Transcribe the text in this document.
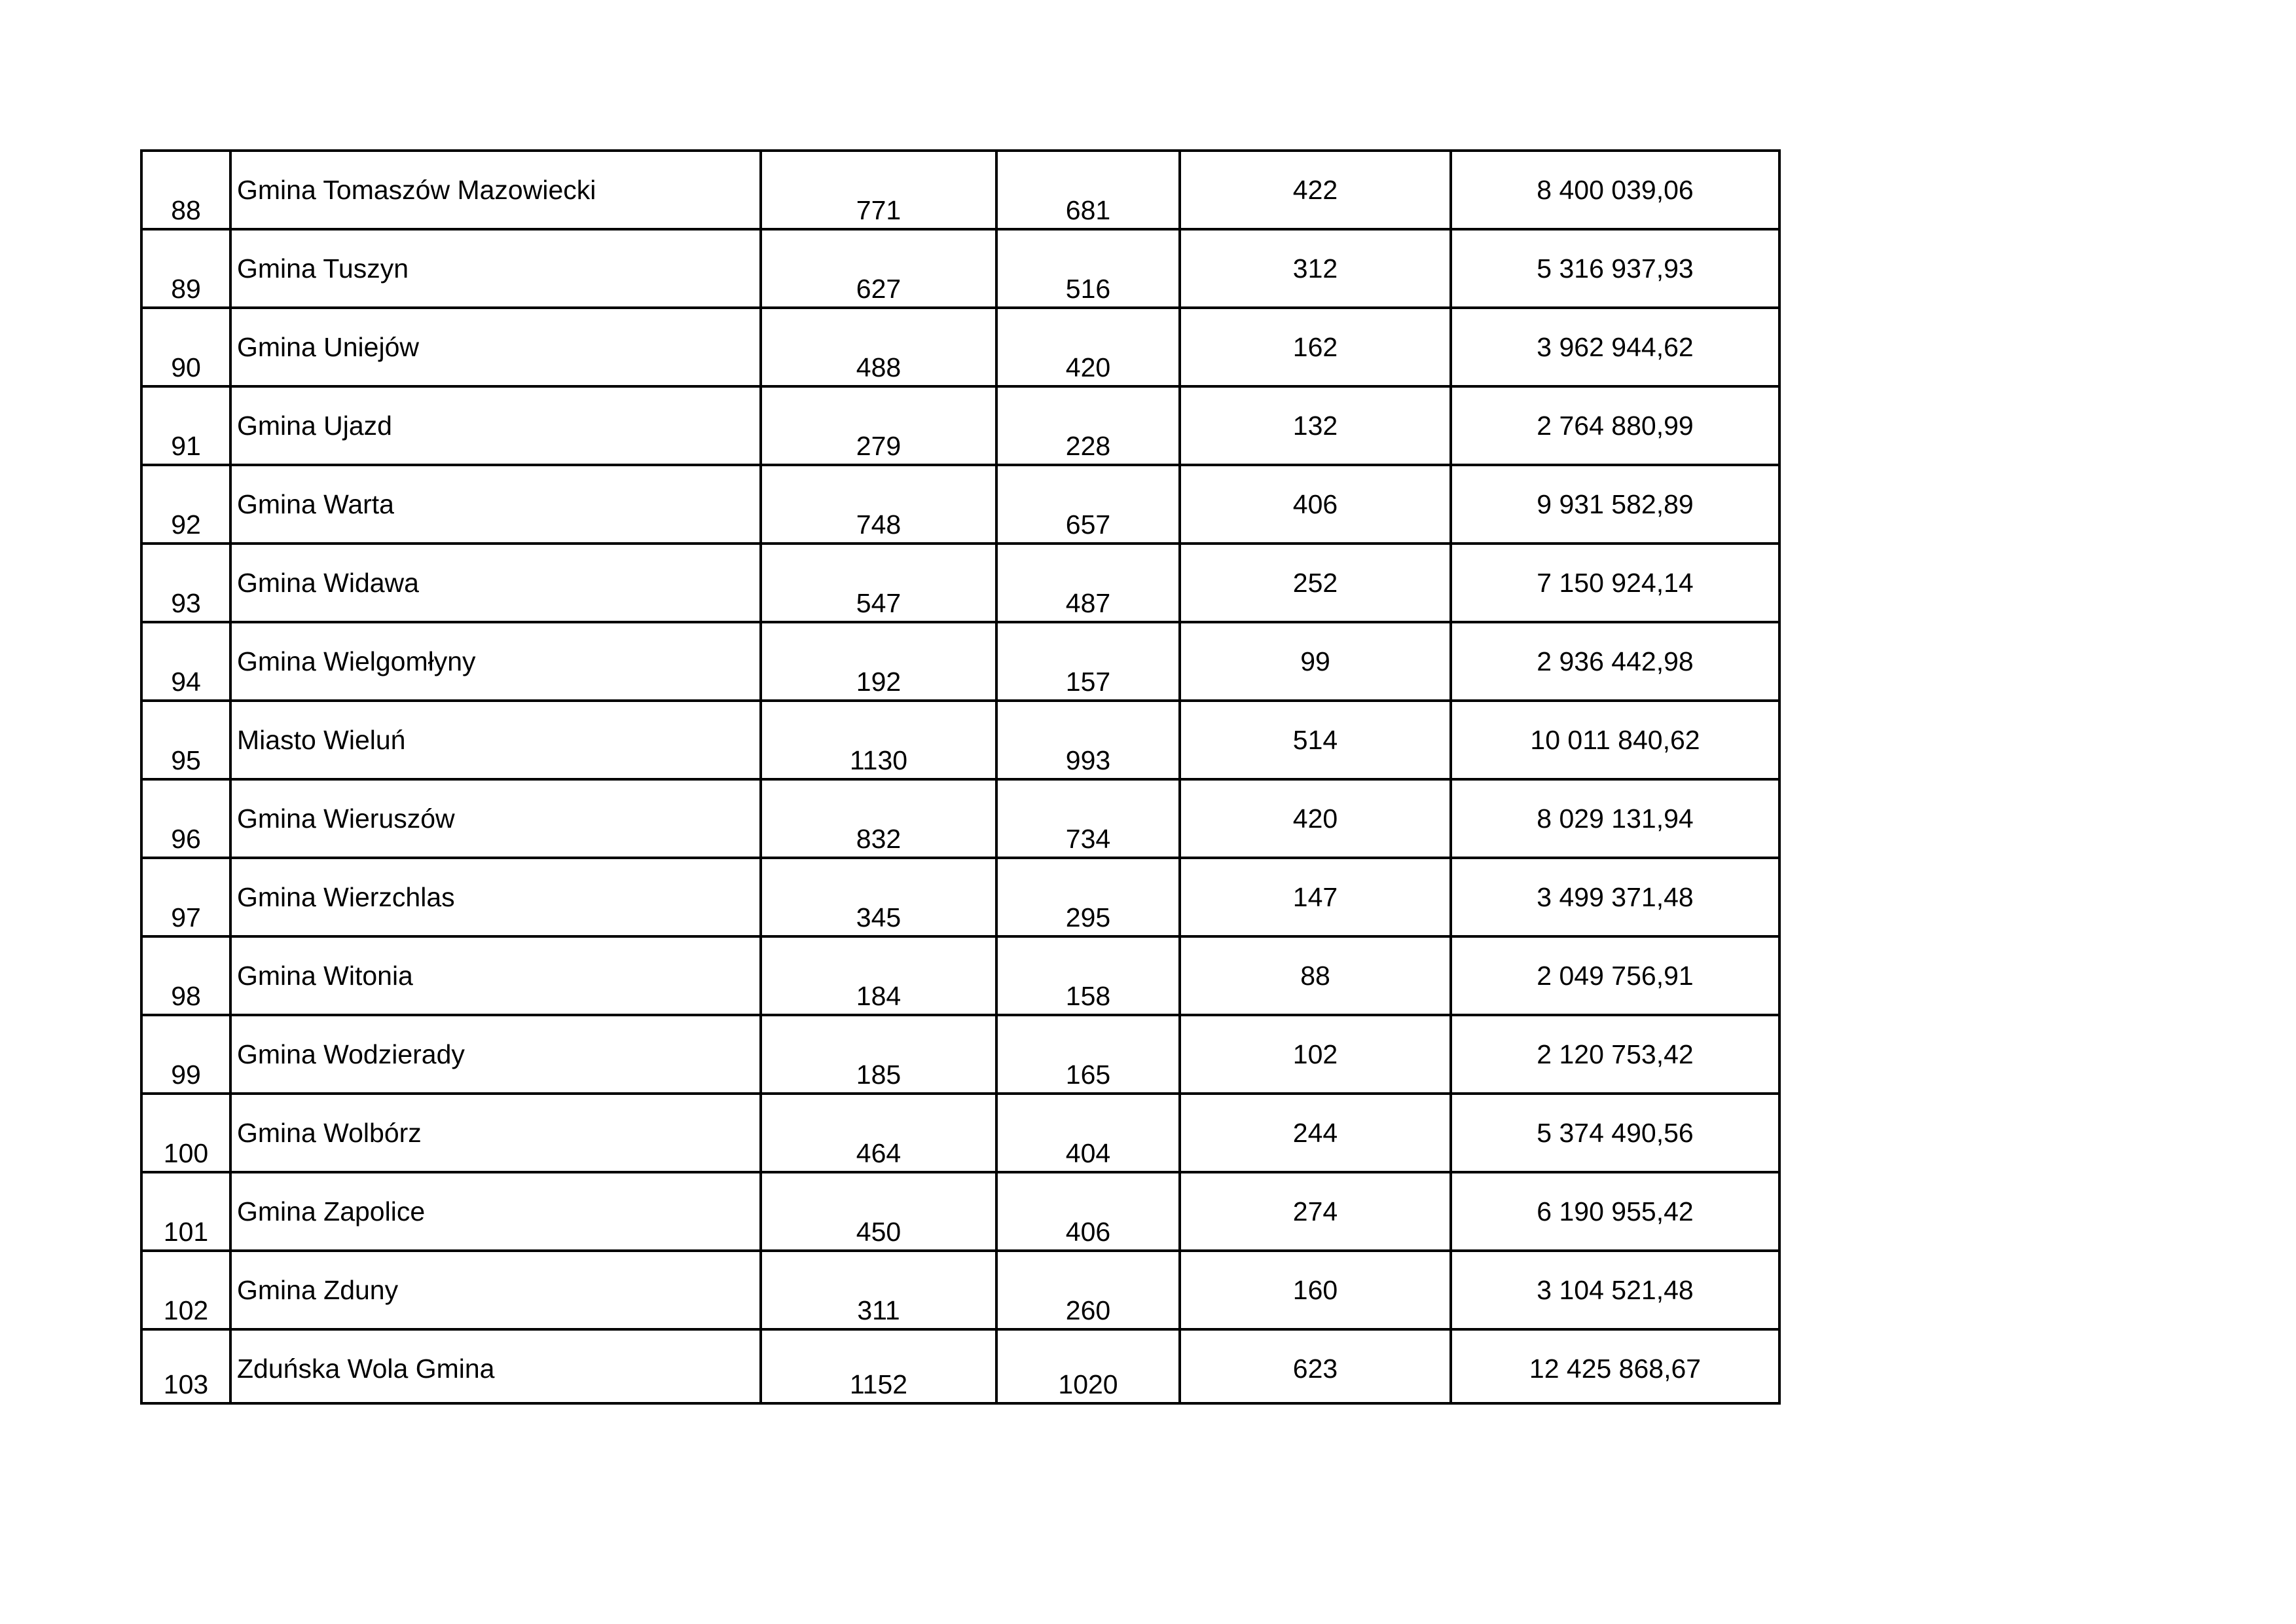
88	Gmina Tomaszów Mazowiecki	771	681	422	8 400 039,06

89	Gmina Tuszyn	627	516	312	5 316 937,93

90	Gmina Uniejów	488	420	162	3 962 944,62

91	Gmina Ujazd	279	228	132	2 764 880,99

92	Gmina Warta	748	657	406	9 931 582,89

93	Gmina Widawa	547	487	252	7 150 924,14

94	Gmina Wielgomłyny	192	157	99	2 936 442,98

95	Miasto Wieluń	1130	993	514	10 011 840,62

96	Gmina Wieruszów	832	734	420	8 029 131,94

97	Gmina Wierzchlas	345	295	147	3 499 371,48

98	Gmina Witonia	184	158	88	2 049 756,91

99	Gmina Wodzierady	185	165	102	2 120 753,42

100	Gmina Wolbórz	464	404	244	5 374 490,56

101	Gmina Zapolice	450	406	274	6 190 955,42

102	Gmina Zduny	311	260	160	3 104 521,48

103	Zduńska Wola Gmina	1152	1020	623	12 425 868,67
